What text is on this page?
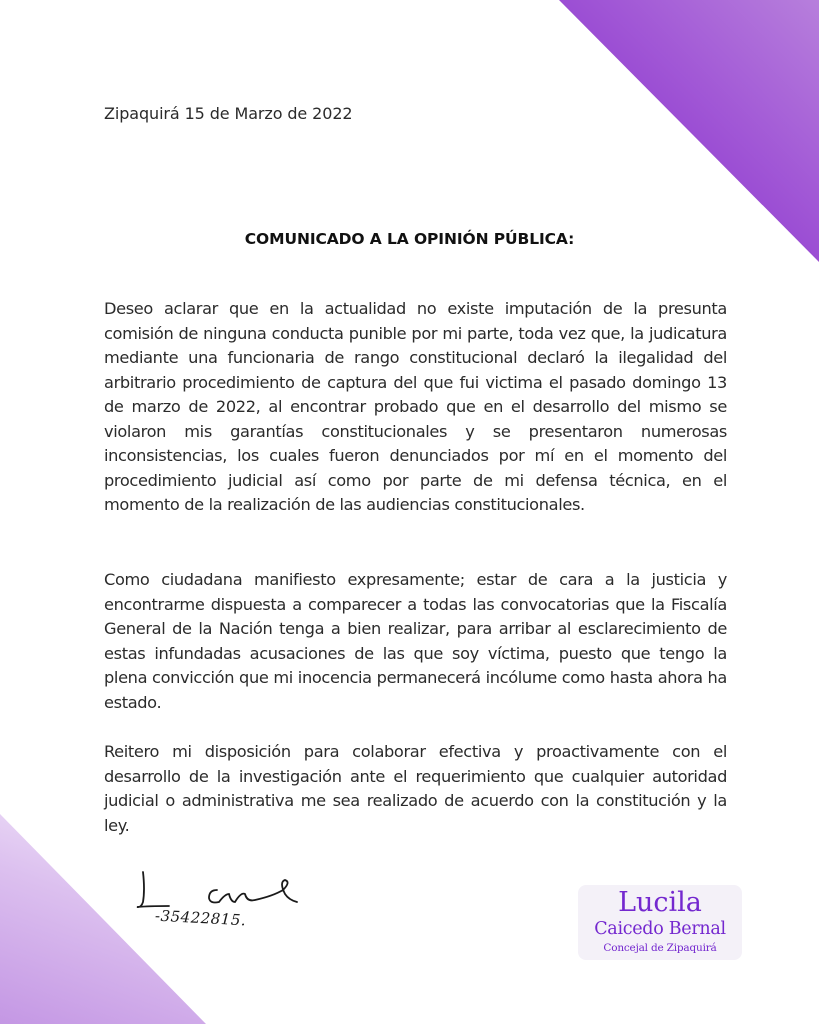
Zipaquirá 15 de Marzo de 2022
COMUNICADO A LA OPINIÓN PÚBLICA:
Deseo aclarar que en la actualidad no existe imputación de la presunta comisión de ninguna conducta punible por mi parte, toda vez que, la judicatura mediante una funcionaria de rango constitucional declaró la ilegalidad del arbitrario procedimiento de captura del que fui victima el pasado domingo 13 de marzo de 2022, al encontrar probado que en el desarrollo del mismo se violaron mis garantías constitucionales y se presentaron numerosas inconsistencias, los cuales fueron denunciados por mí en el momento del procedimiento judicial así como por parte de mi defensa técnica, en el momento de la realización de las audiencias constitucionales.
Como ciudadana manifiesto expresamente; estar de cara a la justicia y encontrarme dispuesta a comparecer a todas las convocatorias que la Fiscalía General de la Nación tenga a bien realizar, para arribar al esclarecimiento de estas infundadas acusaciones de las que soy víctima, puesto que tengo la plena convicción que mi inocencia permanecerá incólume como hasta ahora ha estado.
Reitero mi disposición para colaborar efectiva y proactivamente con el desarrollo de la investigación ante el requerimiento que cualquier autoridad judicial o administrativa me sea realizado de acuerdo con la constitución y la ley.
-35422815.	Lucila
Caicedo Bernal
Concejal de Zipaquirá
